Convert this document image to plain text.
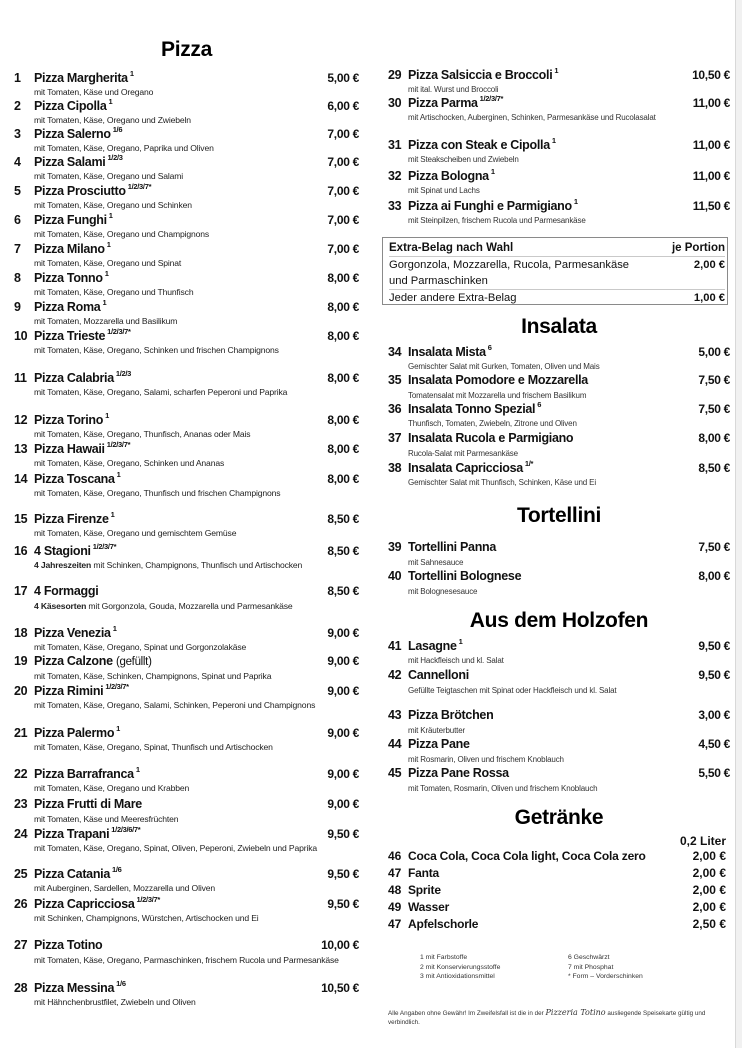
Pizza
1	Pizza Margherita $^1$	5,00 €
mit Tomaten, Käse und Oregano
2	Pizza Cipolla $^1$	6,00 €
mit Tomaten, Käse, Oregano und Zwiebeln
3	Pizza Salerno $^{1/6}$	7,00 €
mit Tomaten, Käse, Oregano, Paprika und Oliven
4	Pizza Salami $^{1/2/3}$	7,00 €
mit Tomaten, Käse, Oregano und Salami
5	Pizza Prosciutto $^{1/2/3/7*}$	7,00 €
mit Tomaten, Käse, Oregano und Schinken
6	Pizza Funghi $^1$	7,00 €
mit Tomaten, Käse, Oregano und Champignons
7	Pizza Milano $^1$	7,00 €
mit Tomaten, Käse, Oregano und Spinat
8	Pizza Tonno $^1$	8,00 €
mit Tomaten, Käse, Oregano und Thunfisch
9	Pizza Roma $^1$	8,00 €
mit Tomaten, Mozzarella und Basilikum
10 Pizza Trieste $^{1/2/3/7*}$	8,00 €
mit Tomaten, Käse, Oregano, Schinken und frischen Champignons
11 Pizza Calabria $^{1/2/3}$	8,00 €
mit Tomaten, Käse, Oregano, Salami, scharfen Peperoni und Paprika
12 Pizza Torino $^1$	8,00 €
mit Tomaten, Käse, Oregano, Thunfisch, Ananas oder Mais
13 Pizza Hawaii $^{1/2/3/7*}$	8,00 €
mit Tomaten, Käse, Oregano, Schinken und Ananas
14 Pizza Toscana $^1$	8,00 €
mit Tomaten, Käse, Oregano, Thunfisch und frischen Champignons
15 Pizza Firenze $^1$	8,50 €
mit Tomaten, Käse, Oregano und gemischtem Gemüse
16 4 Stagioni $^{1/2/3/7*}$	8,50 €
4 Jahreszeiten mit Schinken, Champignons, Thunfisch und Artischocken
17 4 Formaggi	8,50 €
4 Käsesorten mit Gorgonzola, Gouda, Mozzarella und Parmesankäse
18 Pizza Venezia $^1$	9,00 €
mit Tomaten, Käse, Oregano, Spinat und Gorgonzolakäse
19 Pizza Calzone (gefüllt)	9,00 €
mit Tomaten, Käse, Schinken, Champignons, Spinat und Paprika
20 Pizza Rimini $^{1/2/3/7*}$	9,00 €
mit Tomaten, Käse, Oregano, Salami, Schinken, Peperoni und Champignons
21 Pizza Palermo $^1$	9,00 €
mit Tomaten, Käse, Oregano, Spinat, Thunfisch und Artischocken
22 Pizza Barrafranca $^1$	9,00 €
mit Tomaten, Käse, Oregano und Krabben
23 Pizza Frutti di Mare	9,00 €
mit Tomaten, Käse und Meeresfrüchten
24 Pizza Trapani $^{1/2/3/6/7*}$	9,50 €
mit Tomaten, Käse, Oregano, Spinat, Oliven, Peperoni, Zwiebeln und Paprika
25 Pizza Catania $^{1/6}$	9,50 €
mit Auberginen, Sardellen, Mozzarella und Oliven
26 Pizza Capricciosa $^{1/2/3/7*}$	9,50 €
mit Schinken, Champignons, Würstchen, Artischocken und Ei
27 Pizza Totino	10,00 €
mit Tomaten, Käse, Oregano, Parmaschinken, frischem Rucola und Parmesankäse
28 Pizza Messina $^{1/6}$	10,50 €
mit Hähnchenbrustfilet, Zwiebeln und Oliven
Extra-Belag nach Wahl	je Portion
Gorgonzola, Mozzarella, Rucola, Parmesankäse	2,00 €
und Parmaschinken
Jeder andere Extra-Belag	1,00 €
Insalata
Tortellini
Aus dem Holzofen
Getränke
0,2 Liter
1 mit Farbstoffe	6 Geschwärzt
2 mit Konservierungsstoffe	7 mit Phosphat
3 mit Antioxidationsmittel	* Form – Vorderschinken
Alle Angaben ohne Gewähr! Im Zweifelsfall ist die in der Pizzeria Totino ausliegende Speisekarte gültig und verbindlich.
29 Pizza Salsiccia e Broccoli $^1$	10,50 €
mit ital. Wurst und Broccoli
30 Pizza Parma $^{1/2/3/7*}$	11,00 €
mit Artischocken, Auberginen, Schinken, Parmesankäse und Rucolasalat
31 Pizza con Steak e Cipolla $^1$	11,00 €
mit Steakscheiben und Zwiebeln
32 Pizza Bologna $^1$	11,00 €
mit Spinat und Lachs
33 Pizza ai Funghi e Parmigiano $^1$	11,50 €
mit Steinpilzen, frischem Rucola und Parmesankäse
34 Insalata Mista $^6$	5,00 €
Gemischter Salat mit Gurken, Tomaten, Oliven und Mais
35 Insalata Pomodore e Mozzarella	7,50 €
Tomatensalat mit Mozzarella und frischem Basilikum
36 Insalata Tonno Spezial $^6$	7,50 €
Thunfisch, Tomaten, Zwiebeln, Zitrone und Oliven
37 Insalata Rucola e Parmigiano	8,00 €
Rucola-Salat mit Parmesankäse
38 Insalata Capricciosa $^{1/*}$	8,50 €
Gemischter Salat mit Thunfisch, Schinken, Käse und Ei
39 Tortellini Panna	7,50 €
mit Sahnesauce
40 Tortellini Bolognese	8,00 €
mit Bolognesesauce
41 Lasagne $^1$	9,50 €
mit Hackfleisch und kl. Salat
42 Cannelloni	9,50 €
Gefüllte Teigtaschen mit Spinat oder Hackfleisch und kl. Salat
43 Pizza Brötchen	3,00 €
mit Kräuterbutter
44 Pizza Pane	4,50 €
mit Rosmarin, Oliven und frischem Knoblauch
45 Pizza Pane Rossa	5,50 €
mit Tomaten, Rosmarin, Oliven und frischem Knoblauch
46 Coca Cola, Coca Cola light, Coca Cola zero	2,00 €
47 Fanta	2,00 €
48 Sprite	2,00 €
49 Wasser	2,00 €
47 Apfelschorle	2,50 €
